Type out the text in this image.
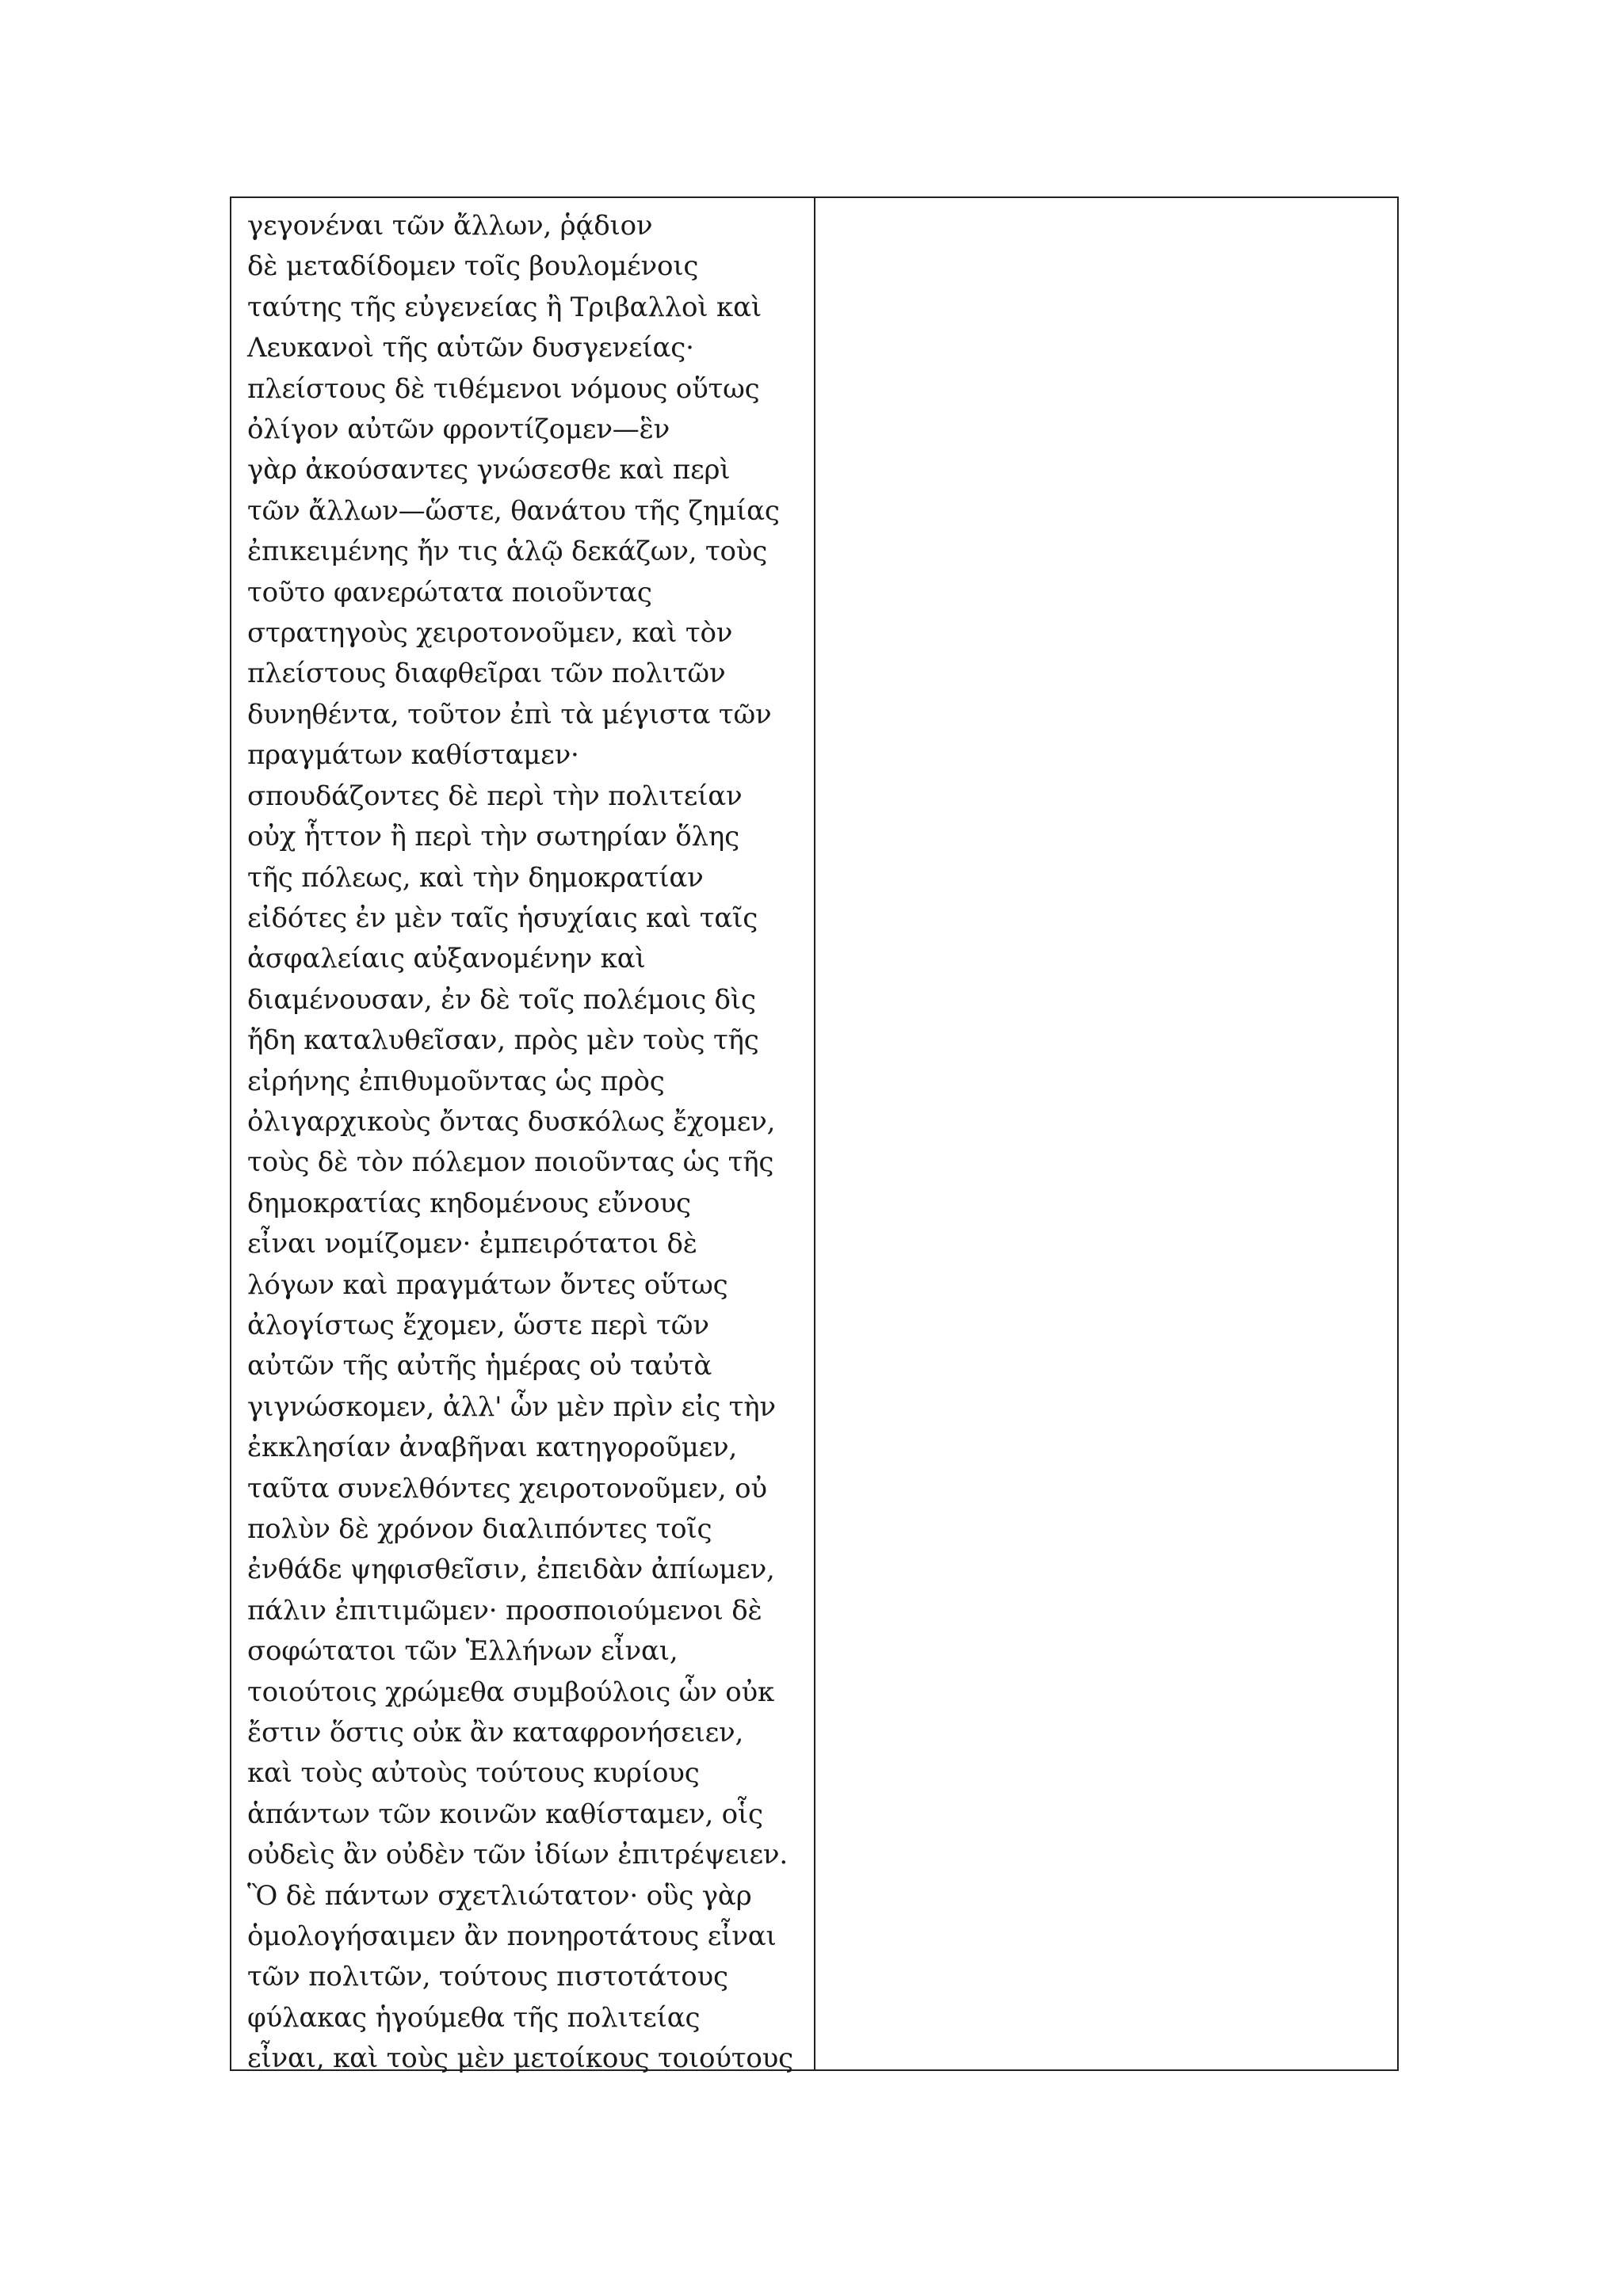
γεγονέναι τῶν ἄλλων, ῥᾴδιον
δὲ μεταδίδομεν τοῖς βουλομένοις
ταύτης τῆς εὐγενείας ἢ Τριβαλλοὶ καὶ
Λευκανοὶ τῆς αὑτῶν δυσγενείας·
πλείστους δὲ τιθέμενοι νόμους οὕτως
ὀλίγον αὐτῶν φροντίζομεν—ἓν
γὰρ ἀκούσαντες γνώσεσθε καὶ περὶ
τῶν ἄλλων—ὥστε, θανάτου τῆς ζημίας
ἐπικειμένης ἤν τις ἁλῷ δεκάζων, τοὺς
τοῦτο φανερώτατα ποιοῦντας
στρατηγοὺς χειροτονοῦμεν, καὶ τὸν
πλείστους διαφθεῖραι τῶν πολιτῶν
δυνηθέντα, τοῦτον ἐπὶ τὰ μέγιστα τῶν
πραγμάτων καθίσταμεν·
σπουδάζοντες δὲ περὶ τὴν πολιτείαν
οὐχ ἧττον ἢ περὶ τὴν σωτηρίαν ὅλης
τῆς πόλεως, καὶ τὴν δημοκρατίαν
εἰδότες ἐν μὲν ταῖς ἡσυχίαις καὶ ταῖς
ἀσφαλείαις αὐξανομένην καὶ
διαμένουσαν, ἐν δὲ τοῖς πολέμοις δὶς
ἤδη καταλυθεῖσαν, πρὸς μὲν τοὺς τῆς
εἰρήνης ἐπιθυμοῦντας ὡς πρὸς
ὀλιγαρχικοὺς ὄντας δυσκόλως ἔχομεν,
τοὺς δὲ τὸν πόλεμον ποιοῦντας ὡς τῆς
δημοκρατίας κηδομένους εὔνους
εἶναι νομίζομεν· ἐμπειρότατοι δὲ
λόγων καὶ πραγμάτων ὄντες οὕτως
ἀλογίστως ἔχομεν, ὥστε περὶ τῶν
αὐτῶν τῆς αὐτῆς ἡμέρας οὐ ταὐτὰ
γιγνώσκομεν, ἀλλ' ὧν μὲν πρὶν εἰς τὴν
ἐκκλησίαν ἀναβῆναι κατηγοροῦμεν,
ταῦτα συνελθόντες χειροτονοῦμεν, οὐ
πολὺν δὲ χρόνον διαλιπόντες τοῖς
ἐνθάδε ψηφισθεῖσιν, ἐπειδὰν ἀπίωμεν,
πάλιν ἐπιτιμῶμεν· προσποιούμενοι δὲ
σοφώτατοι τῶν Ἑλλήνων εἶναι,
τοιούτοις χρώμεθα συμβούλοις ὧν οὐκ
ἔστιν ὅστις οὐκ ἂν καταφρονήσειεν,
καὶ τοὺς αὐτοὺς τούτους κυρίους
ἁπάντων τῶν κοινῶν καθίσταμεν, οἷς
οὐδεὶς ἂν οὐδὲν τῶν ἰδίων ἐπιτρέψειεν.
Ὃ δὲ πάντων σχετλιώτατον· οὓς γὰρ
ὁμολογήσαιμεν ἂν πονηροτάτους εἶναι
τῶν πολιτῶν, τούτους πιστοτάτους
φύλακας ἡγούμεθα τῆς πολιτείας
εἶναι, καὶ τοὺς μὲν μετοίκους τοιούτους
